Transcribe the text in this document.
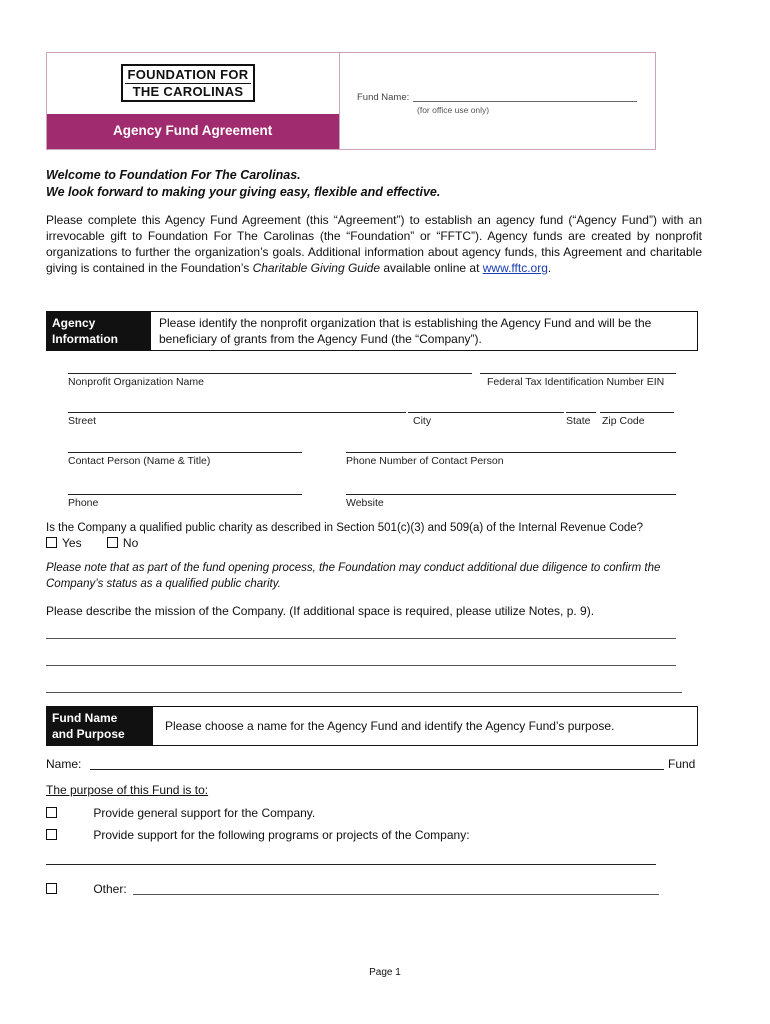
FOUNDATION FOR
THE CAROLINAS
Agency Fund Agreement
Fund Name:
(for office use only)
Welcome to Foundation For The Carolinas.
We look forward to making your giving easy, flexible and effective.
Please complete this Agency Fund Agreement (this “Agreement”) to establish an agency fund (“Agency Fund”) with an irrevocable gift to Foundation For The Carolinas (the “Foundation” or “FFTC”). Agency funds are created by nonprofit organizations to further the organization’s goals. Additional information about agency funds, this Agreement and charitable giving is contained in the Foundation’s Charitable Giving Guide available online at www.fftc.org.
Agency
Information
Please identify the nonprofit organization that is establishing the Agency Fund and will be the beneficiary of grants from the Agency Fund (the “Company”).
Nonprofit Organization Name	Federal Tax Identification Number EIN
Street	City	State Zip Code
Contact Person (Name & Title)	Phone Number of Contact Person
Phone	Website
Is the Company a qualified public charity as described in Section 501(c)(3) and 509(a) of the Internal Revenue Code?
Yes	No
Please note that as part of the fund opening process, the Foundation may conduct additional due diligence to confirm the Company’s status as a qualified public charity.
Please describe the mission of the Company. (If additional space is required, please utilize Notes, p. 9).
Fund Name
and Purpose
Please choose a name for the Agency Fund and identify the Agency Fund’s purpose.
Name:	Fund
The purpose of this Fund is to:
Provide general support for the Company.
Provide support for the following programs or projects of the Company:
Other:
Page 1
